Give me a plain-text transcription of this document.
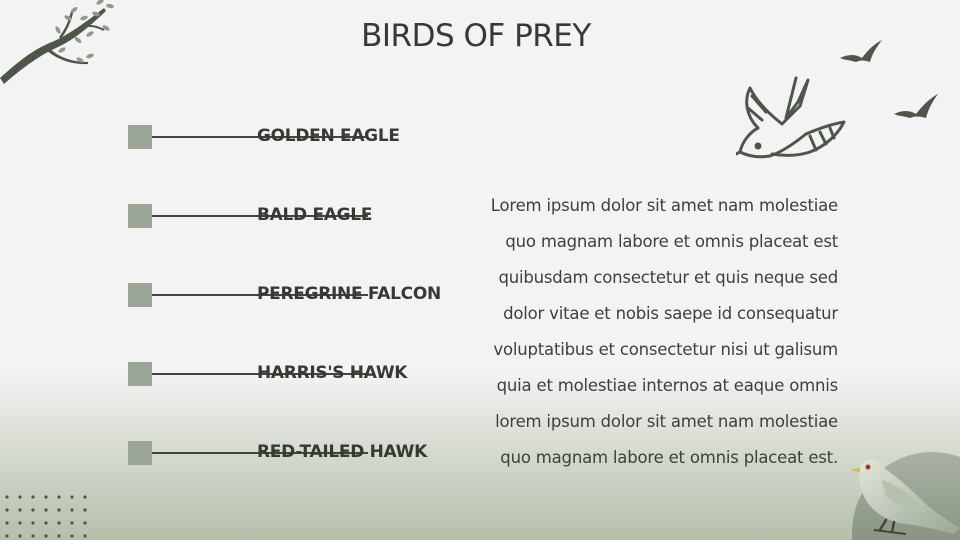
BIRDS OF PREY
GOLDEN EAGLE
BALD EAGLE
PEREGRINE FALCON
HARRIS'S HAWK
RED-TAILED HAWK

Lorem ipsum dolor sit amet nam molestiae
quo magnam labore et omnis placeat est
quibusdam consectetur et quis neque sed
dolor vitae et nobis saepe id consequatur
voluptatibus et consectetur nisi ut galisum
quia et molestiae internos at eaque omnis
lorem ipsum dolor sit amet nam molestiae
quo magnam labore et omnis placeat est.
